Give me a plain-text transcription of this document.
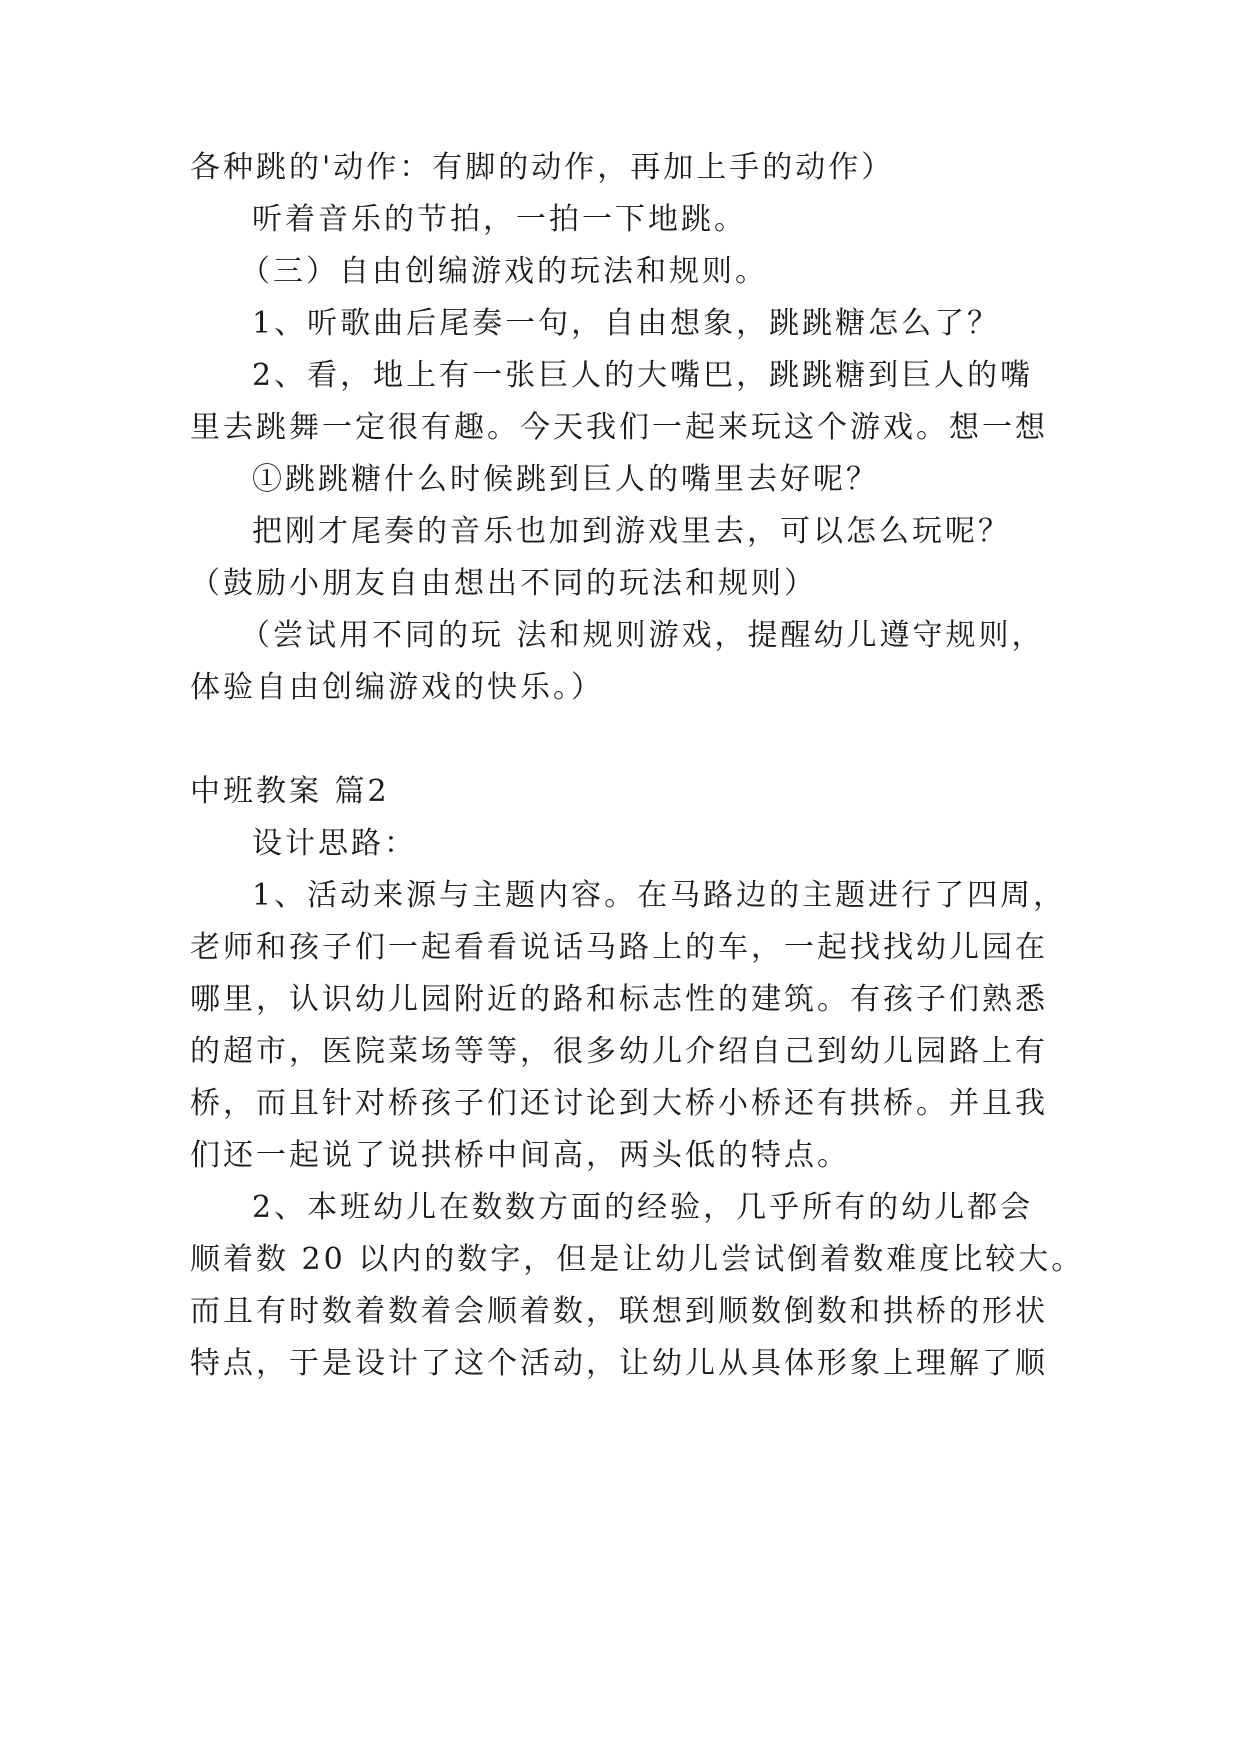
各种跳的'动作：有脚的动作，再加上手的动作）
听着音乐的节拍，一拍一下地跳。
（三）自由创编游戏的玩法和规则。
1、听歌曲后尾奏一句，自由想象，跳跳糖怎么了？
2、看，地上有一张巨人的大嘴巴，跳跳糖到巨人的嘴
里去跳舞一定很有趣。今天我们一起来玩这个游戏。想一想
①跳跳糖什么时候跳到巨人的嘴里去好呢？
把刚才尾奏的音乐也加到游戏里去，可以怎么玩呢？
（鼓励小朋友自由想出不同的玩法和规则）
（尝试用不同的玩 法和规则游戏，提醒幼儿遵守规则，
体验自由创编游戏的快乐。）
中班教案 篇2
设计思路：
1、活动来源与主题内容。在马路边的主题进行了四周，
老师和孩子们一起看看说话马路上的车，一起找找幼儿园在
哪里，认识幼儿园附近的路和标志性的建筑。有孩子们熟悉
的超市，医院菜场等等，很多幼儿介绍自己到幼儿园路上有
桥，而且针对桥孩子们还讨论到大桥小桥还有拱桥。并且我
们还一起说了说拱桥中间高，两头低的特点。
2、本班幼儿在数数方面的经验，几乎所有的幼儿都会
顺着数 20 以内的数字，但是让幼儿尝试倒着数难度比较大。
而且有时数着数着会顺着数，联想到顺数倒数和拱桥的形状
特点，于是设计了这个活动，让幼儿从具体形象上理解了顺
